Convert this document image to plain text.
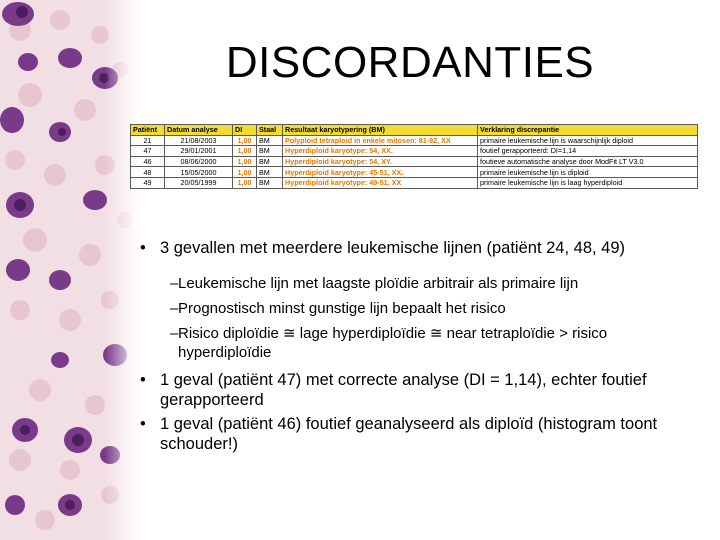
DISCORDANTIES
Patiënt	Datum analyse	DI	Staal	Resultaat karyotypering (BM)	Verklaring discrepantie
21	21/08/2003	1,00	BM	Polyploid tetraploid in enkele mitosen: 81-92, XX	primaire leukemische lijn is waarschijnlijk diploid
47	29/01/2001	1,00	BM	Hyperdiploid karyotype: 54, XX.	foutief gerapporteerd: DI=1,14
46	08/06/2000	1,00	BM	Hyperdiploid karyotype: 54, XY.	foutieve automatische analyse door ModFit LT V3.0
48	15/05/2000	1,00	BM	Hyperdiploid karyotype: 45-51, XX.	primaire leukemische lijn is diploid
49	20/05/1999	1,00	BM	Hyperdiploid karyotype: 49-51, XX	primaire leukemische lijn is laag hyperdiploid
• 3 gevallen met meerdere leukemische lijnen (patiënt 24, 48, 49)
– Leukemische lijn met laagste ploïdie arbitrair als primaire lijn
– Prognostisch minst gunstige lijn bepaalt het risico
– Risico diploïdie ≅ lage hyperdiploïdie ≅ near tetraploïdie > risico hyperdiploïdie
• 1 geval (patiënt 47) met correcte analyse (DI = 1,14), echter foutief gerapporteerd
• 1 geval (patiënt 46) foutief geanalyseerd als diploïd (histogram toont schouder!)
